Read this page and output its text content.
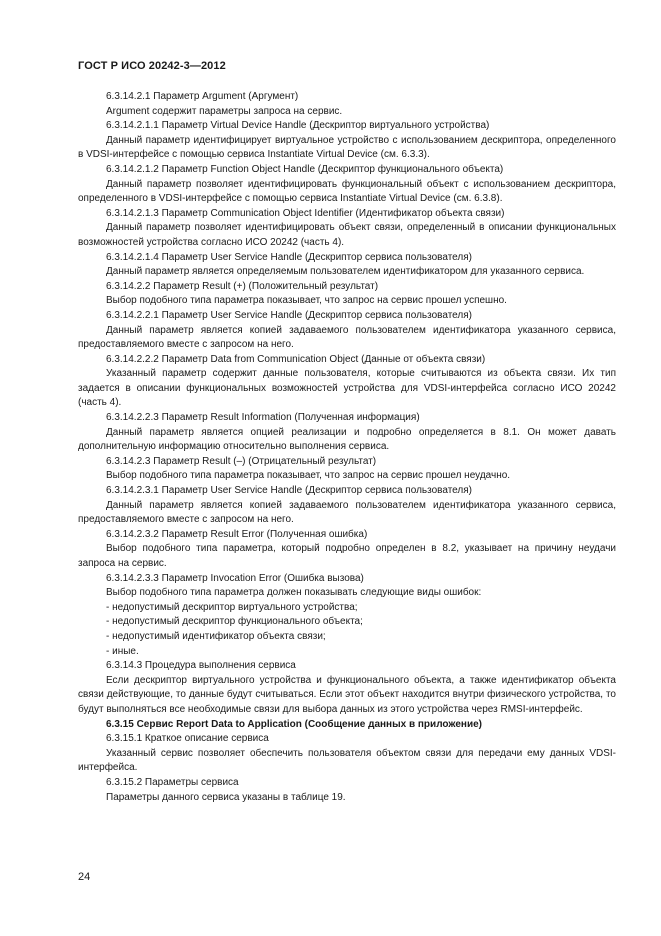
ГОСТ Р ИСО 20242-3—2012

6.3.14.2.1 Параметр Argument (Аргумент)

Argument содержит параметры запроса на сервис.

6.3.14.2.1.1 Параметр Virtual Device Handle (Дескриптор виртуального устройства)

Данный параметр идентифицирует виртуальное устройство с использованием дескриптора, определенного в VDSI-интерфейсе с помощью сервиса Instantiate Virtual Device (см. 6.3.3).

6.3.14.2.1.2 Параметр Function Object Handle (Дескриптор функционального объекта)

Данный параметр позволяет идентифицировать функциональный объект с использованием дескриптора, определенного в VDSI-интерфейсе с помощью сервиса Instantiate Virtual Device (см. 6.3.8).

6.3.14.2.1.3 Параметр Communication Object Identifier (Идентификатор объекта связи)

Данный параметр позволяет идентифицировать объект связи, определенный в описании функциональных возможностей устройства согласно ИСО 20242 (часть 4).

6.3.14.2.1.4 Параметр User Service Handle (Дескриптор сервиса пользователя)

Данный параметр является определяемым пользователем идентификатором для указанного сервиса.

6.3.14.2.2 Параметр Result (+) (Положительный результат)

Выбор подобного типа параметра показывает, что запрос на сервис прошел успешно.

6.3.14.2.2.1 Параметр User Service Handle (Дескриптор сервиса пользователя)

Данный параметр является копией задаваемого пользователем идентификатора указанного сервиса, предоставляемого вместе с запросом на него.

6.3.14.2.2.2 Параметр Data from Communication Object (Данные от объекта связи)

Указанный параметр содержит данные пользователя, которые считываются из объекта связи. Их тип задается в описании функциональных возможностей устройства для VDSI-интерфейса согласно ИСО 20242 (часть 4).

6.3.14.2.2.3 Параметр Result Information (Полученная информация)

Данный параметр является опцией реализации и подробно определяется в 8.1. Он может давать дополнительную информацию относительно выполнения сервиса.

6.3.14.2.3 Параметр Result (–) (Отрицательный результат)

Выбор подобного типа параметра показывает, что запрос на сервис прошел неудачно.

6.3.14.2.3.1 Параметр User Service Handle (Дескриптор сервиса пользователя)

Данный параметр является копией задаваемого пользователем идентификатора указанного сервиса, предоставляемого вместе с запросом на него.

6.3.14.2.3.2 Параметр Result Error (Полученная ошибка)

Выбор подобного типа параметра, который подробно определен в 8.2, указывает на причину неудачи запроса на сервис.

6.3.14.2.3.3 Параметр Invocation Error (Ошибка вызова)

Выбор подобного типа параметра должен показывать следующие виды ошибок:

- недопустимый дескриптор виртуального устройства;

- недопустимый дескриптор функционального объекта;

- недопустимый идентификатор объекта связи;

- иные.

6.3.14.3 Процедура выполнения сервиса

Если дескриптор виртуального устройства и функционального объекта, а также идентификатор объекта связи действующие, то данные будут считываться. Если этот объект находится внутри физического устройства, то будут выполняться все необходимые связи для выбора данных из этого устройства через RMSI-интерфейс.

6.3.15 Сервис Report Data to Application (Сообщение данных в приложение)

6.3.15.1 Краткое описание сервиса

Указанный сервис позволяет обеспечить пользователя объектом связи для передачи ему данных VDSI-интерфейса.

6.3.15.2 Параметры сервиса

Параметры данного сервиса указаны в таблице 19.

24
